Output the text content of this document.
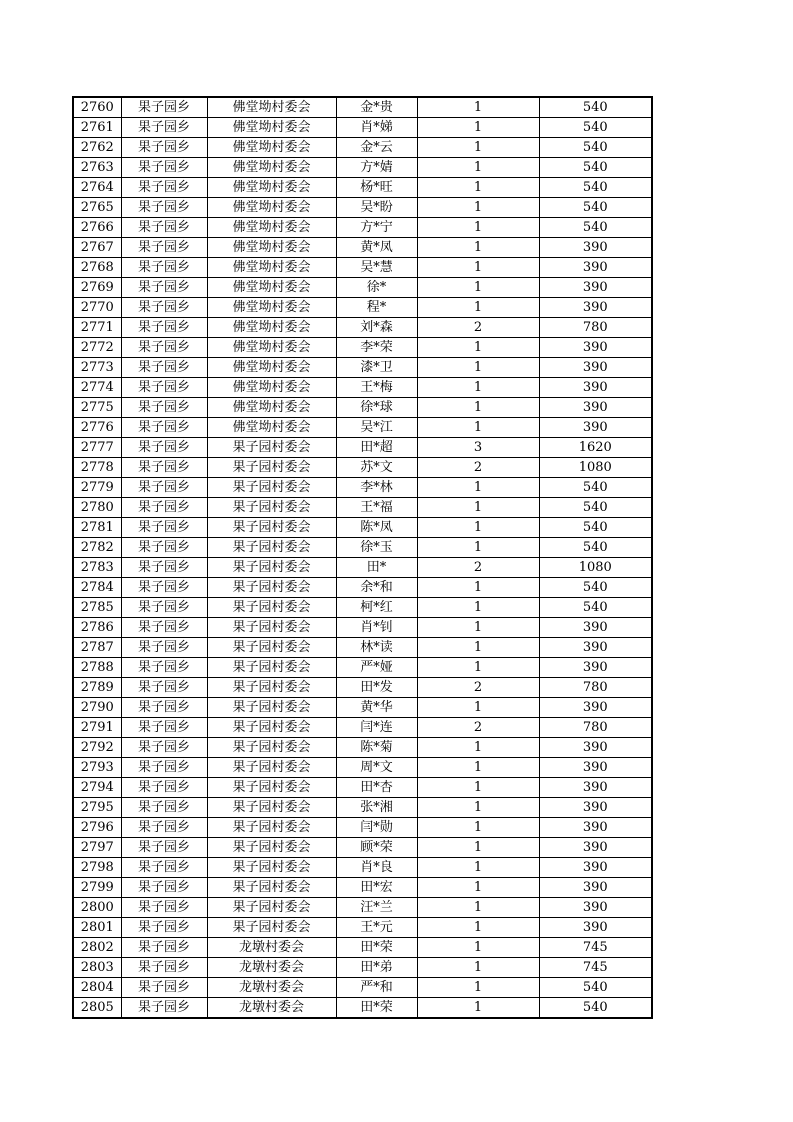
2760	果子园乡	佛堂坳村委会	金*贵	1	540
2761	果子园乡	佛堂坳村委会	肖*娣	1	540
2762	果子园乡	佛堂坳村委会	金*云	1	540
2763	果子园乡	佛堂坳村委会	方*婧	1	540
2764	果子园乡	佛堂坳村委会	杨*旺	1	540
2765	果子园乡	佛堂坳村委会	吴*盼	1	540
2766	果子园乡	佛堂坳村委会	方*宁	1	540
2767	果子园乡	佛堂坳村委会	黄*凤	1	390
2768	果子园乡	佛堂坳村委会	吴*慧	1	390
2769	果子园乡	佛堂坳村委会	徐*	1	390
2770	果子园乡	佛堂坳村委会	程*	1	390
2771	果子园乡	佛堂坳村委会	刘*森	2	780
2772	果子园乡	佛堂坳村委会	李*荣	1	390
2773	果子园乡	佛堂坳村委会	漆*卫	1	390
2774	果子园乡	佛堂坳村委会	王*梅	1	390
2775	果子园乡	佛堂坳村委会	徐*球	1	390
2776	果子园乡	佛堂坳村委会	吴*江	1	390
2777	果子园乡	果子园村委会	田*超	3	1620
2778	果子园乡	果子园村委会	苏*文	2	1080
2779	果子园乡	果子园村委会	李*林	1	540
2780	果子园乡	果子园村委会	王*福	1	540
2781	果子园乡	果子园村委会	陈*凤	1	540
2782	果子园乡	果子园村委会	徐*玉	1	540
2783	果子园乡	果子园村委会	田*	2	1080
2784	果子园乡	果子园村委会	余*和	1	540
2785	果子园乡	果子园村委会	柯*红	1	540
2786	果子园乡	果子园村委会	肖*钊	1	390
2787	果子园乡	果子园村委会	林*读	1	390
2788	果子园乡	果子园村委会	严*娅	1	390
2789	果子园乡	果子园村委会	田*发	2	780
2790	果子园乡	果子园村委会	黄*华	1	390
2791	果子园乡	果子园村委会	闫*连	2	780
2792	果子园乡	果子园村委会	陈*菊	1	390
2793	果子园乡	果子园村委会	周*文	1	390
2794	果子园乡	果子园村委会	田*杏	1	390
2795	果子园乡	果子园村委会	张*湘	1	390
2796	果子园乡	果子园村委会	闫*勋	1	390
2797	果子园乡	果子园村委会	顾*荣	1	390
2798	果子园乡	果子园村委会	肖*良	1	390
2799	果子园乡	果子园村委会	田*宏	1	390
2800	果子园乡	果子园村委会	汪*兰	1	390
2801	果子园乡	果子园村委会	王*元	1	390
2802	果子园乡	龙墩村委会	田*荣	1	745
2803	果子园乡	龙墩村委会	田*弟	1	745
2804	果子园乡	龙墩村委会	严*和	1	540
2805	果子园乡	龙墩村委会	田*荣	1	540
